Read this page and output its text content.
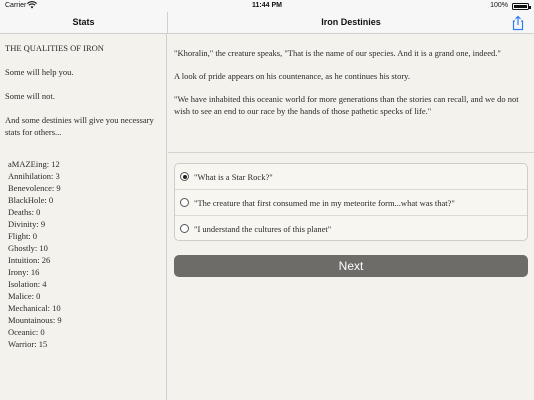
Carrier	11:44 PM	100%
Stats	Iron Destinies

THE QUALITIES OF IRON

Some will help you.

Some will not.

And some destinies will give you necessary stats for others...

aMAZEing: 12
Annihilation: 3
Benevolence: 9
BlackHole: 0
Deaths: 0
Divinity: 9
Flight: 0
Ghostly: 10
Intuition: 26
Irony: 16
Isolation: 4
Malice: 0
Mechanical: 10
Mountainous: 9
Oceanic: 0
Warrior: 15

"Khoralin," the creature speaks, "That is the name of our species. And it is a grand one, indeed."

A look of pride appears on his countenance, as he continues his story.

"We have inhabited this oceanic world for more generations than the stories can recall, and we do not wish to see an end to our race by the hands of those pathetic specks of life."

"What is a Star Rock?"
"The creature that first consumed me in my meteorite form...what was that?"
"I understand the cultures of this planet"
Next
